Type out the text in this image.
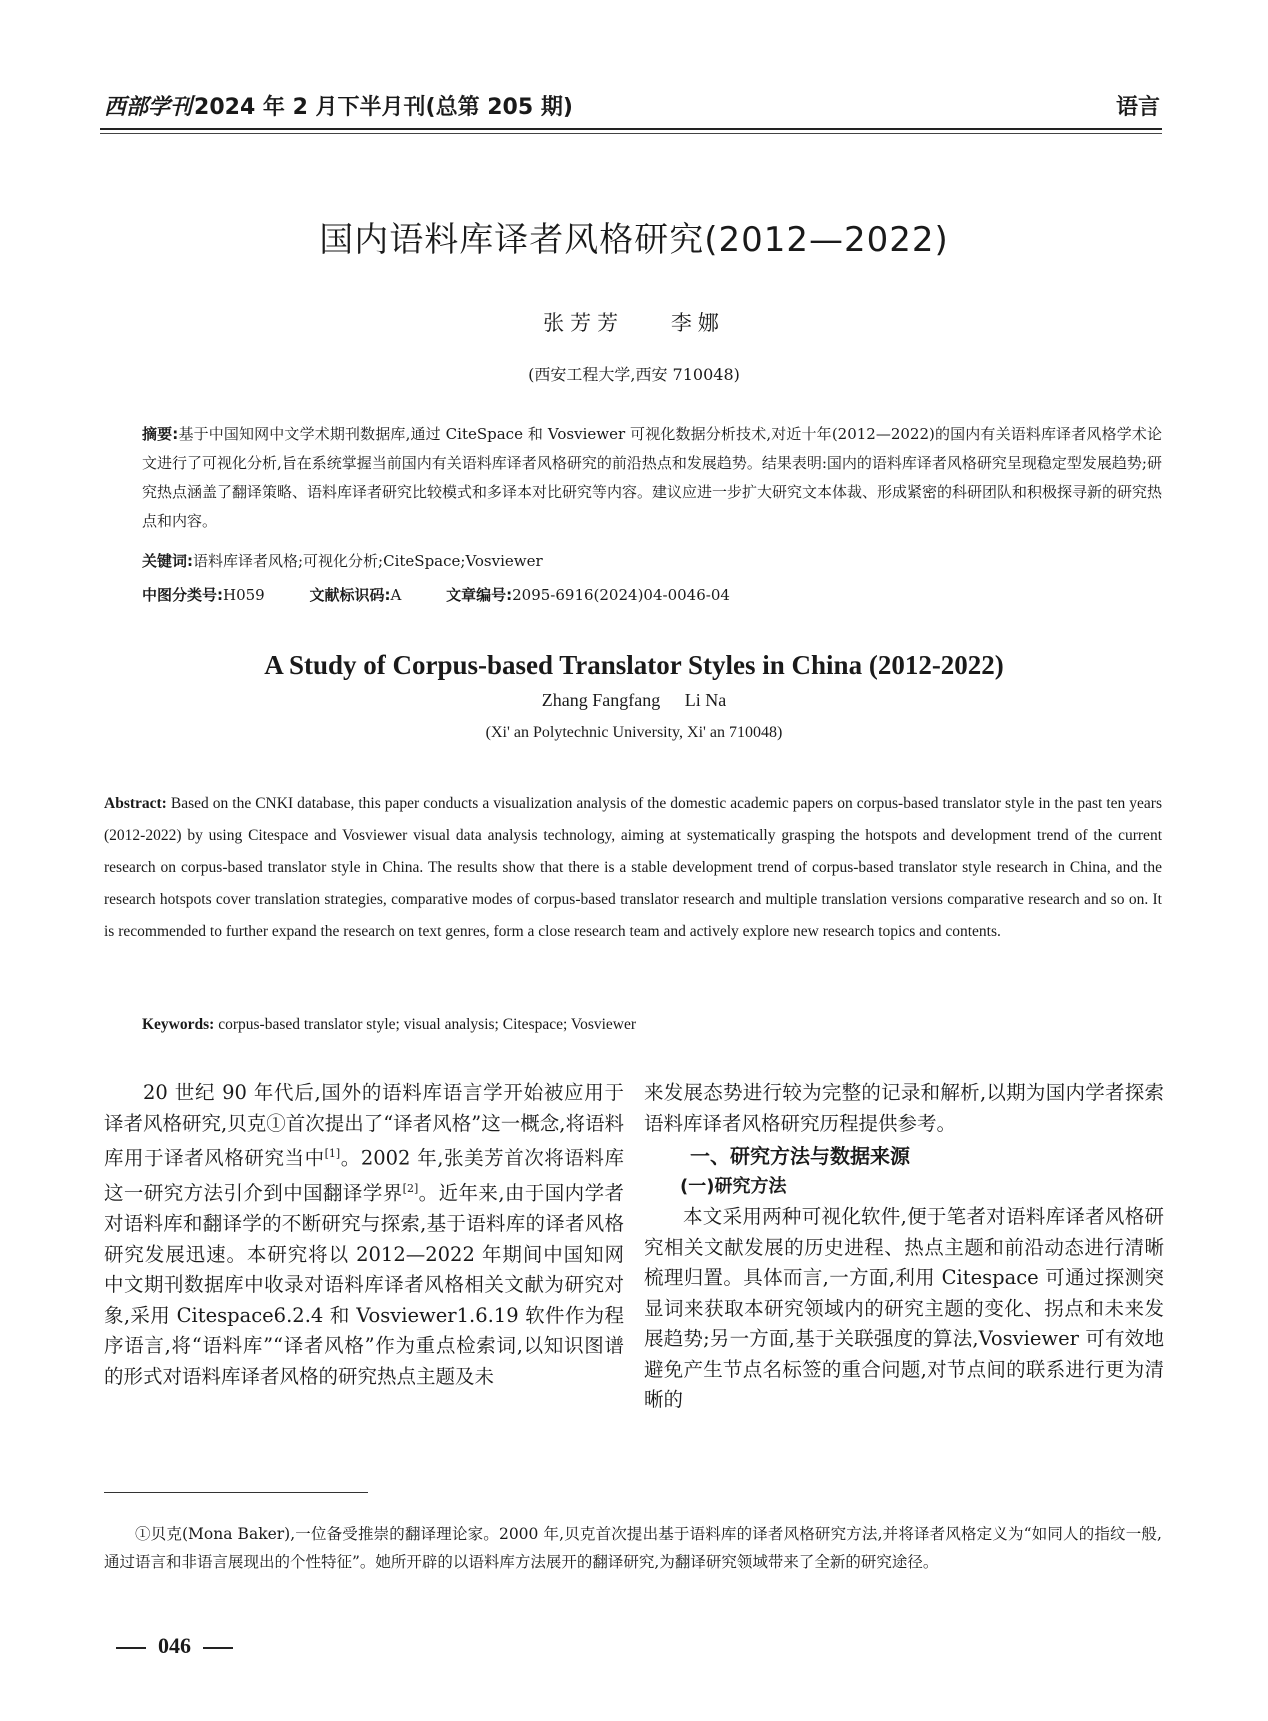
西部学刊2024 年 2 月下半月刊(总第 205 期)	语言
国内语料库译者风格研究(2012—2022)
张芳芳 李娜
(西安工程大学,西安 710048)
摘要:基于中国知网中文学术期刊数据库,通过 CiteSpace 和 Vosviewer 可视化数据分析技术,对近十年(2012—2022)的国内有关语料库译者风格学术论文进行了可视化分析,旨在系统掌握当前国内有关语料库译者风格研究的前沿热点和发展趋势。结果表明:国内的语料库译者风格研究呈现稳定型发展趋势;研究热点涵盖了翻译策略、语料库译者研究比较模式和多译本对比研究等内容。建议应进一步扩大研究文本体裁、形成紧密的科研团队和积极探寻新的研究热点和内容。
关键词:语料库译者风格;可视化分析;CiteSpace;Vosviewer
中图分类号:H059	文献标识码:A	文章编号:2095-6916(2024)04-0046-04
A Study of Corpus-based Translator Styles in China (2012-2022)
Zhang Fangfang Li Na
(Xi' an Polytechnic University, Xi' an 710048)
Abstract: Based on the CNKI database, this paper conducts a visualization analysis of the domestic academic papers on corpus-based translator style in the past ten years (2012-2022) by using Citespace and Vosviewer visual data analysis technology, aiming at systematically grasping the hotspots and development trend of the current research on corpus-based translator style in China. The results show that there is a stable development trend of corpus-based translator style research in China, and the research hotspots cover translation strategies, comparative modes of corpus-based translator research and multiple translation versions comparative research and so on. It is recommended to further expand the research on text genres, form a close research team and actively explore new research topics and contents.
Keywords: corpus-based translator style; visual analysis; Citespace; Vosviewer

20 世纪 90 年代后,国外的语料库语言学开始被应用于译者风格研究,贝克①首次提出了“译者风格”这一概念,将语料库用于译者风格研究当中[1]。2002 年,张美芳首次将语料库这一研究方法引介到中国翻译学界[2]。近年来,由于国内学者对语料库和翻译学的不断研究与探索,基于语料库的译者风格研究发展迅速。本研究将以 2012—2022 年期间中国知网中文期刊数据库中收录对语料库译者风格相关文献为研究对象,采用 Citespace6.2.4 和 Vosviewer1.6.19 软件作为程序语言,将“语料库”“译者风格”作为重点检索词,以知识图谱的形式对语料库译者风格的研究热点主题及未

来发展态势进行较为完整的记录和解析,以期为国内学者探索语料库译者风格研究历程提供参考。

一、研究方法与数据来源

(一)研究方法

本文采用两种可视化软件,便于笔者对语料库译者风格研究相关文献发展的历史进程、热点主题和前沿动态进行清晰梳理归置。具体而言,一方面,利用 Citespace 可通过探测突显词来获取本研究领域内的研究主题的变化、拐点和未来发展趋势;另一方面,基于关联强度的算法,Vosviewer 可有效地避免产生节点名标签的重合问题,对节点间的联系进行更为清晰的

①贝克(Mona Baker),一位备受推崇的翻译理论家。2000 年,贝克首次提出基于语料库的译者风格研究方法,并将译者风格定义为“如同人的指纹一般,通过语言和非语言展现出的个性特征”。她所开辟的以语料库方法展开的翻译研究,为翻译研究领域带来了全新的研究途径。
046
